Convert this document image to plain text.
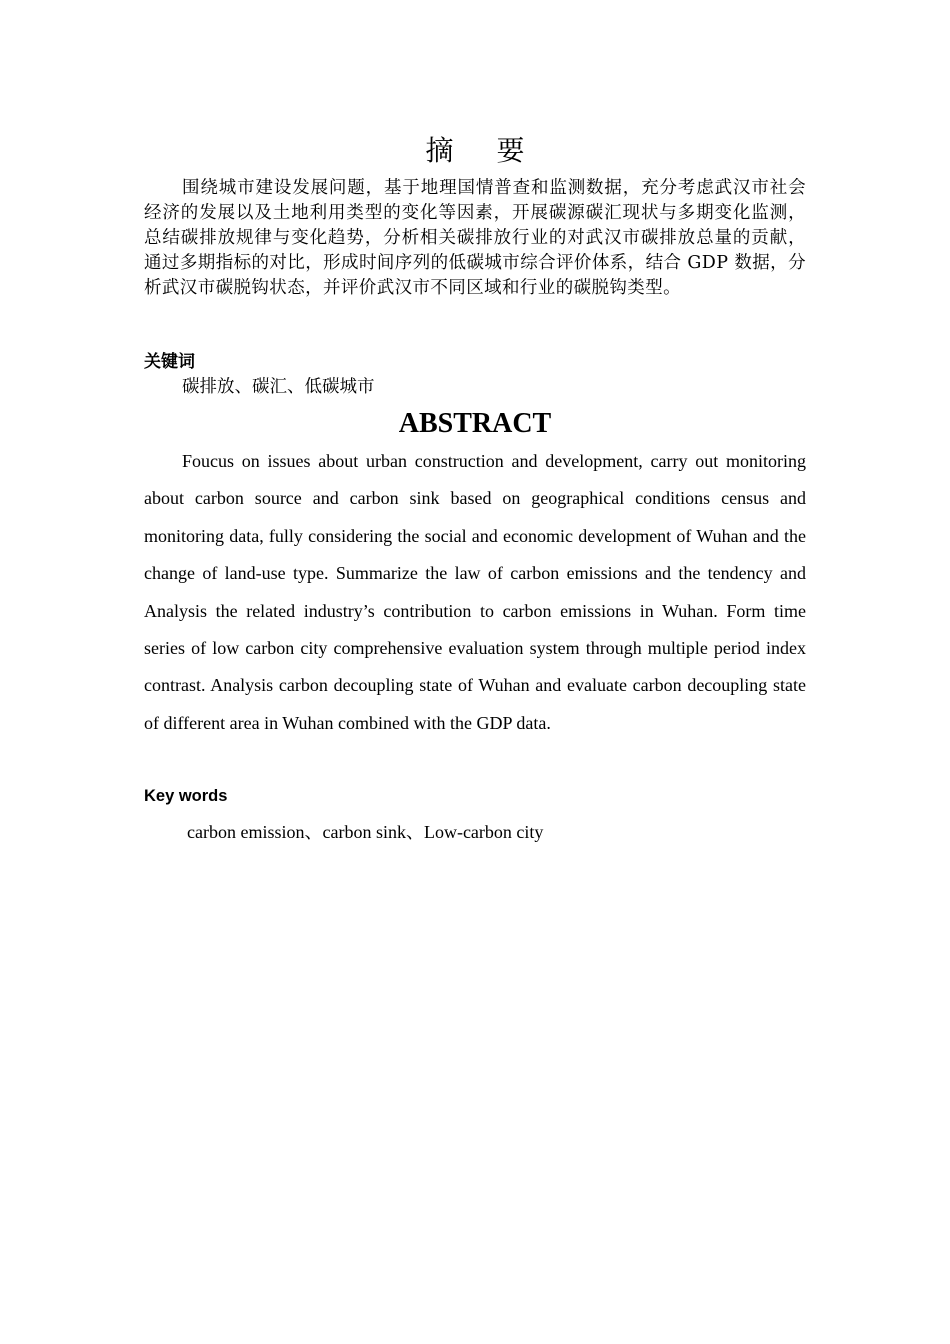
摘 要
围绕城市建设发展问题，基于地理国情普查和监测数据，充分考虑武汉市社会经济的发展以及土地利用类型的变化等因素，开展碳源碳汇现状与多期变化监测，总结碳排放规律与变化趋势，分析相关碳排放行业的对武汉市碳排放总量的贡献，通过多期指标的对比，形成时间序列的低碳城市综合评价体系，结合 GDP 数据，分析武汉市碳脱钩状态，并评价武汉市不同区域和行业的碳脱钩类型。
关键词
碳排放、碳汇、低碳城市
ABSTRACT
Foucus on issues about urban construction and development, carry out monitoring about carbon source and carbon sink based on geographical conditions census and monitoring data, fully considering the social and economic development of Wuhan and the change of land-use type. Summarize the law of carbon emissions and the tendency and Analysis the related industry’s contribution to carbon emissions in Wuhan. Form time series of low carbon city comprehensive evaluation system through multiple period index contrast. Analysis carbon decoupling state of Wuhan and evaluate carbon decoupling state of different area in Wuhan combined with the GDP data.
Key words
carbon emission、carbon sink、Low-carbon city
